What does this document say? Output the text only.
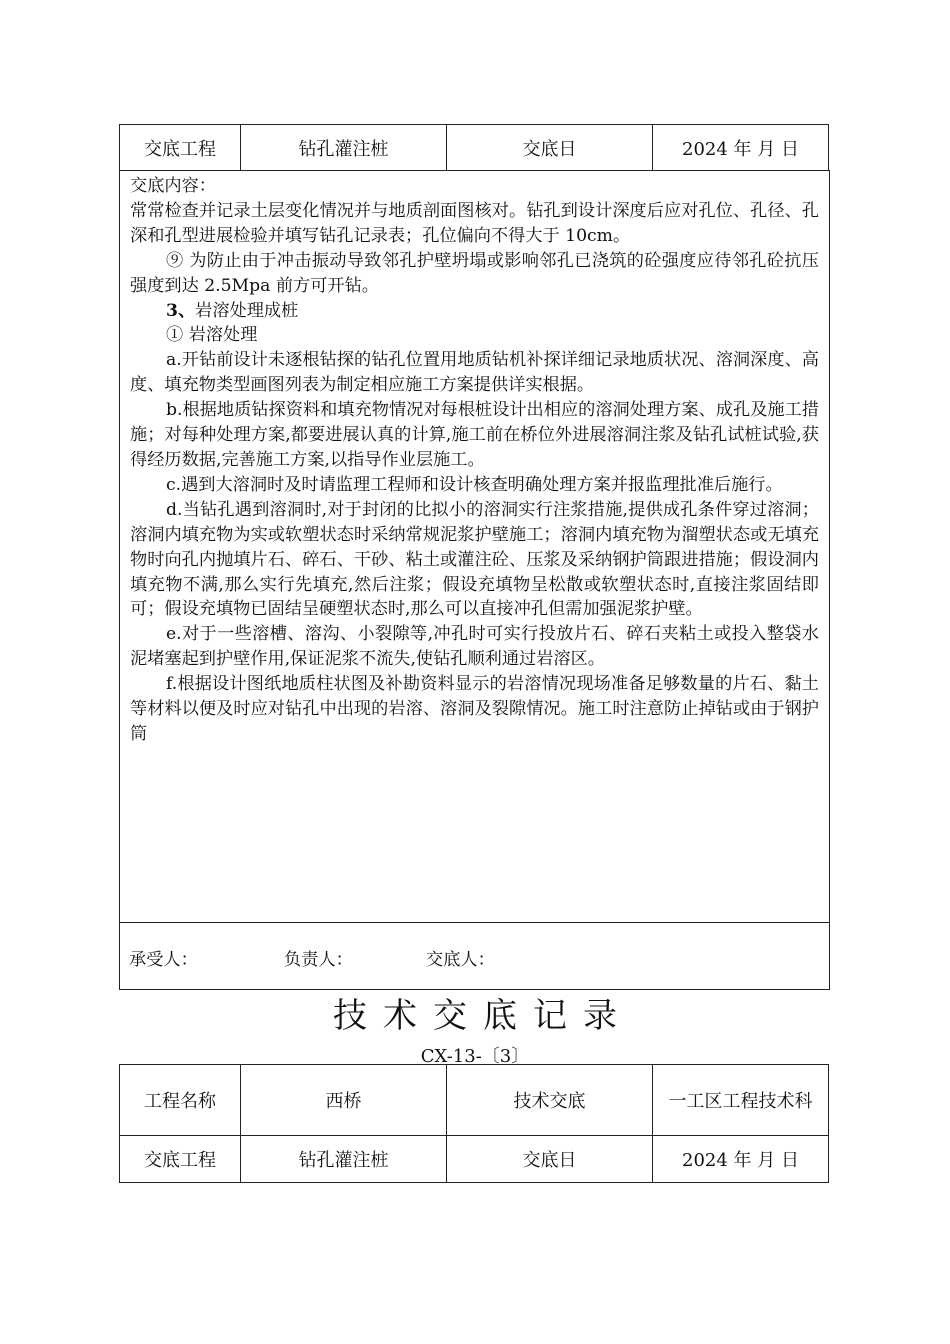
交底工程	钻孔灌注桩	交底日	2024 年 月 日

交底内容：

常常检查并记录土层变化情况并与地质剖面图核对。钻孔到设计深度后应对孔位、孔径、孔深和孔型进展检验并填写钻孔记录表；孔位偏向不得大于 10cm。

⑨ 为防止由于冲击振动导致邻孔护壁坍塌或影响邻孔已浇筑的砼强度应待邻孔砼抗压强度到达 2.5Mpa 前方可开钻。

3、岩溶处理成桩

① 岩溶处理

a.开钻前设计未逐根钻探的钻孔位置用地质钻机补探详细记录地质状况、溶洞深度、高度、填充物类型画图列表为制定相应施工方案提供详实根据。

b.根据地质钻探资料和填充物情况对每根桩设计出相应的溶洞处理方案、成孔及施工措施；对每种处理方案,都要进展认真的计算,施工前在桥位外进展溶洞注浆及钻孔试桩试验,获得经历数据,完善施工方案,以指导作业层施工。

c.遇到大溶洞时及时请监理工程师和设计核查明确处理方案并报监理批准后施行。

d.当钻孔遇到溶洞时,对于封闭的比拟小的溶洞实行注浆措施,提供成孔条件穿过溶洞；溶洞内填充物为实或软塑状态时采纳常规泥浆护壁施工；溶洞内填充物为溜塑状态或无填充物时向孔内抛填片石、碎石、干砂、粘土或灌注砼、压浆及采纳钢护筒跟进措施；假设洞内填充物不满,那么实行先填充,然后注浆；假设充填物呈松散或软塑状态时,直接注浆固结即可；假设充填物已固结呈硬塑状态时,那么可以直接冲孔但需加强泥浆护壁。

e.对于一些溶槽、溶沟、小裂隙等,冲孔时可实行投放片石、碎石夹粘土或投入整袋水泥堵塞起到护壁作用,保证泥浆不流失,使钻孔顺利通过岩溶区。

f.根据设计图纸地质柱状图及补勘资料显示的岩溶情况现场准备足够数量的片石、黏土等材料以便及时应对钻孔中出现的岩溶、溶洞及裂隙情况。施工时注意防止掉钻或由于钢护筒

承受人：	负责人：	交底人：
技术交底记录
CX-13-〔3〕
工程名称	西桥	技术交底	一工区工程技术科
交底工程	钻孔灌注桩	交底日	2024 年 月 日
